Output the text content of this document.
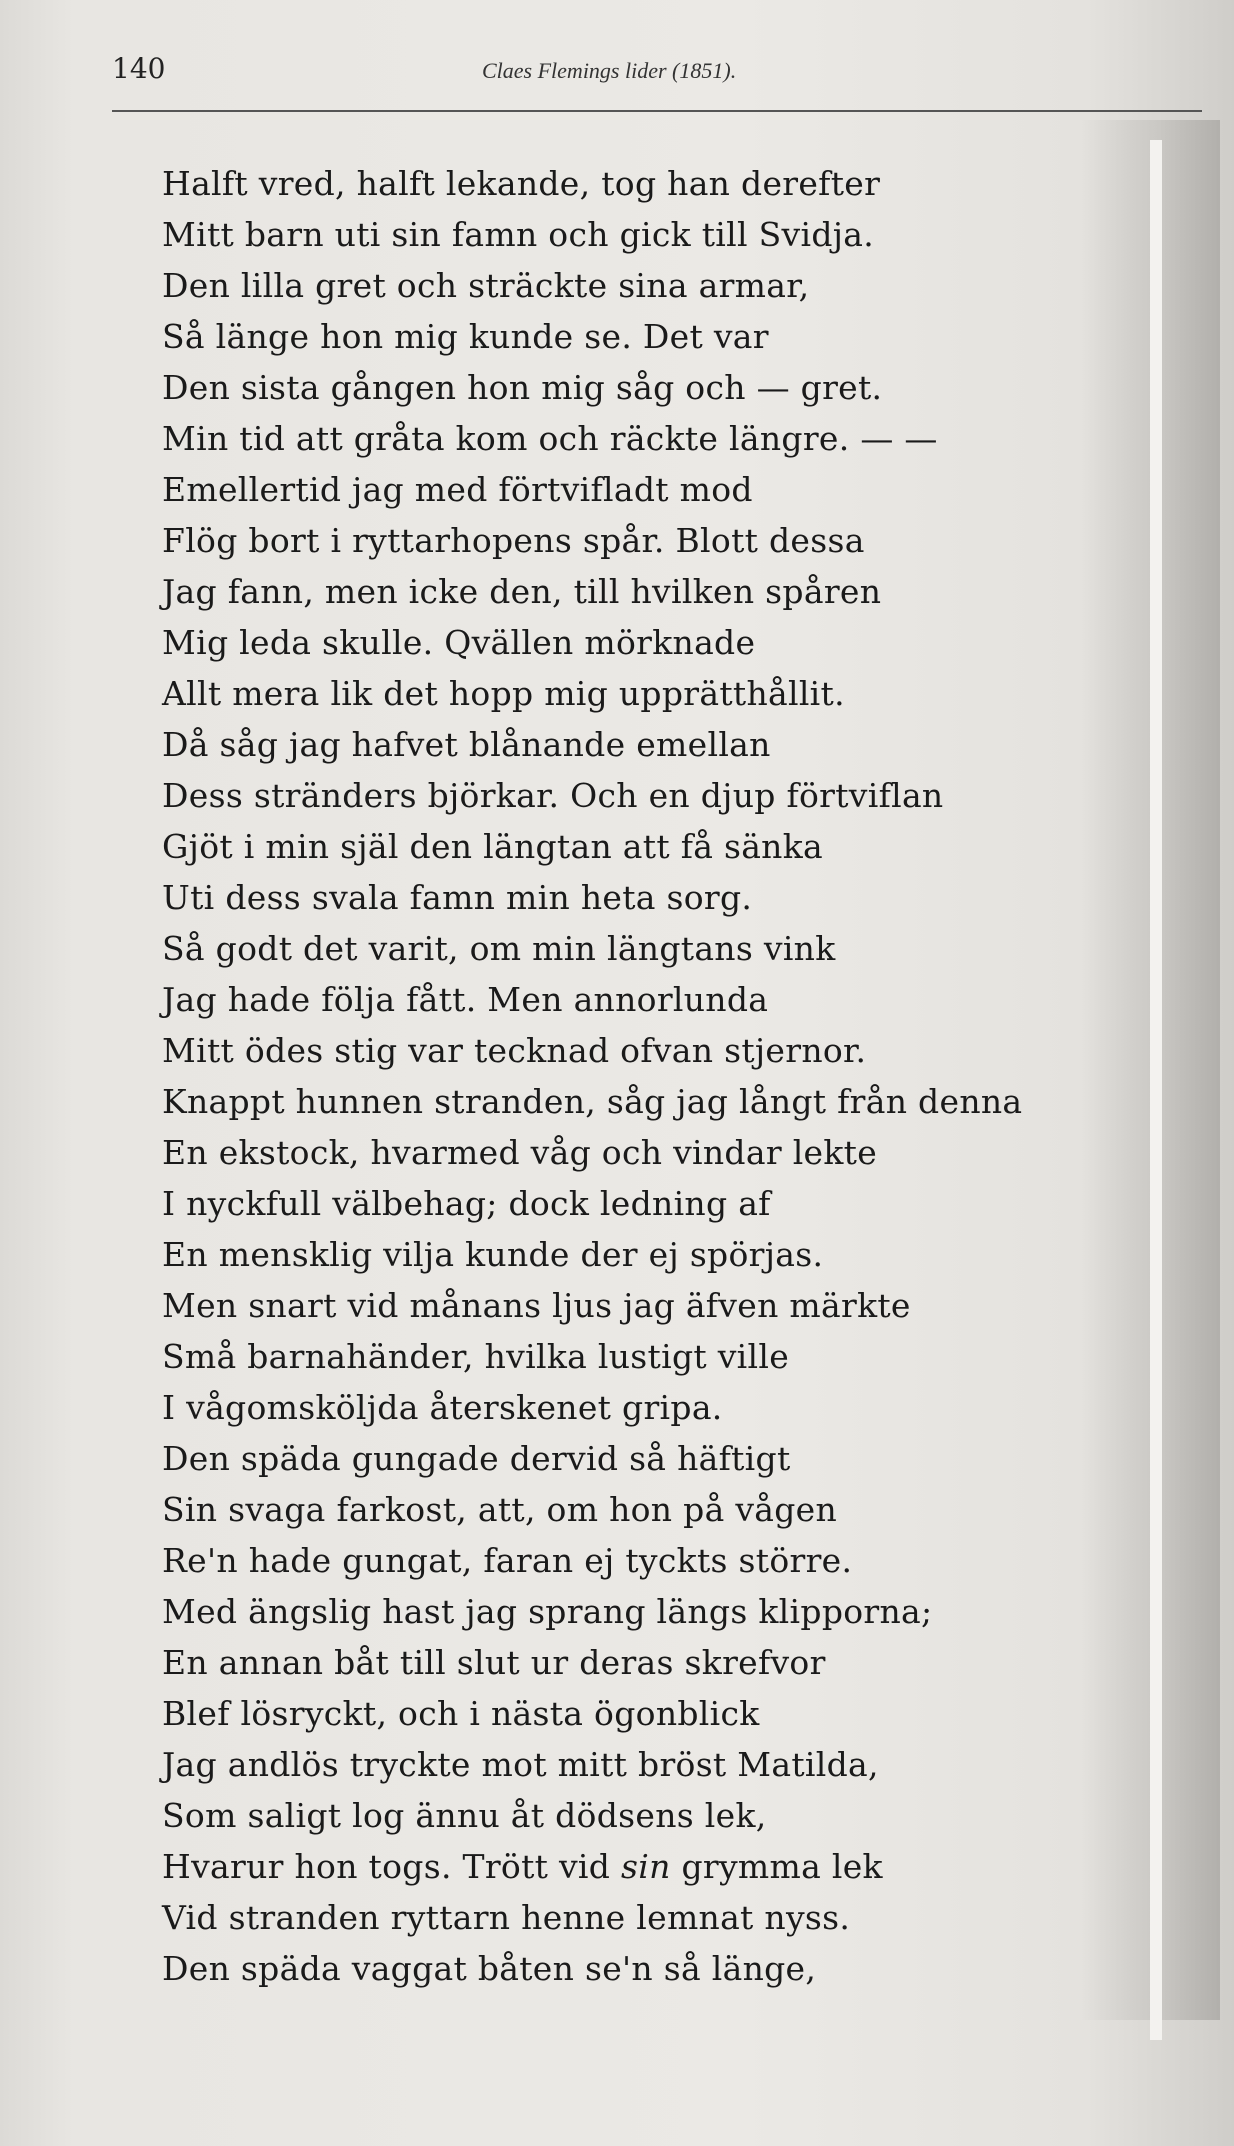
140	Claes Flemings lider (1851).
Halft vred, halft lekande, tog han derefter
Mitt barn uti sin famn och gick till Svidja.
Den lilla gret och sträckte sina armar,
Så länge hon mig kunde se. Det var
Den sista gången hon mig såg och — gret.
Min tid att gråta kom och räckte längre. — —
Emellertid jag med förtvifladt mod
Flög bort i ryttarhopens spår. Blott dessa
Jag fann, men icke den, till hvilken spåren
Mig leda skulle. Qvällen mörknade
Allt mera lik det hopp mig upprätthållit.
Då såg jag hafvet blånande emellan
Dess stränders björkar. Och en djup förtviflan
Gjöt i min själ den längtan att få sänka
Uti dess svala famn min heta sorg.
Så godt det varit, om min längtans vink
Jag hade följa fått. Men annorlunda
Mitt ödes stig var tecknad ofvan stjernor.
Knappt hunnen stranden, såg jag långt från denna
En ekstock, hvarmed våg och vindar lekte
I nyckfull välbehag; dock ledning af
En mensklig vilja kunde der ej spörjas.
Men snart vid månans ljus jag äfven märkte
Små barnahänder, hvilka lustigt ville
I vågomsköljda återskenet gripa.
Den späda gungade dervid så häftigt
Sin svaga farkost, att, om hon på vågen
Re'n hade gungat, faran ej tyckts större.
Med ängslig hast jag sprang längs klipporna;
En annan båt till slut ur deras skrefvor
Blef lösryckt, och i nästa ögonblick
Jag andlös tryckte mot mitt bröst Matilda,
Som saligt log ännu åt dödsens lek,
Hvarur hon togs. Trött vid sin grymma lek
Vid stranden ryttarn henne lemnat nyss.
Den späda vaggat båten se'n så länge,
